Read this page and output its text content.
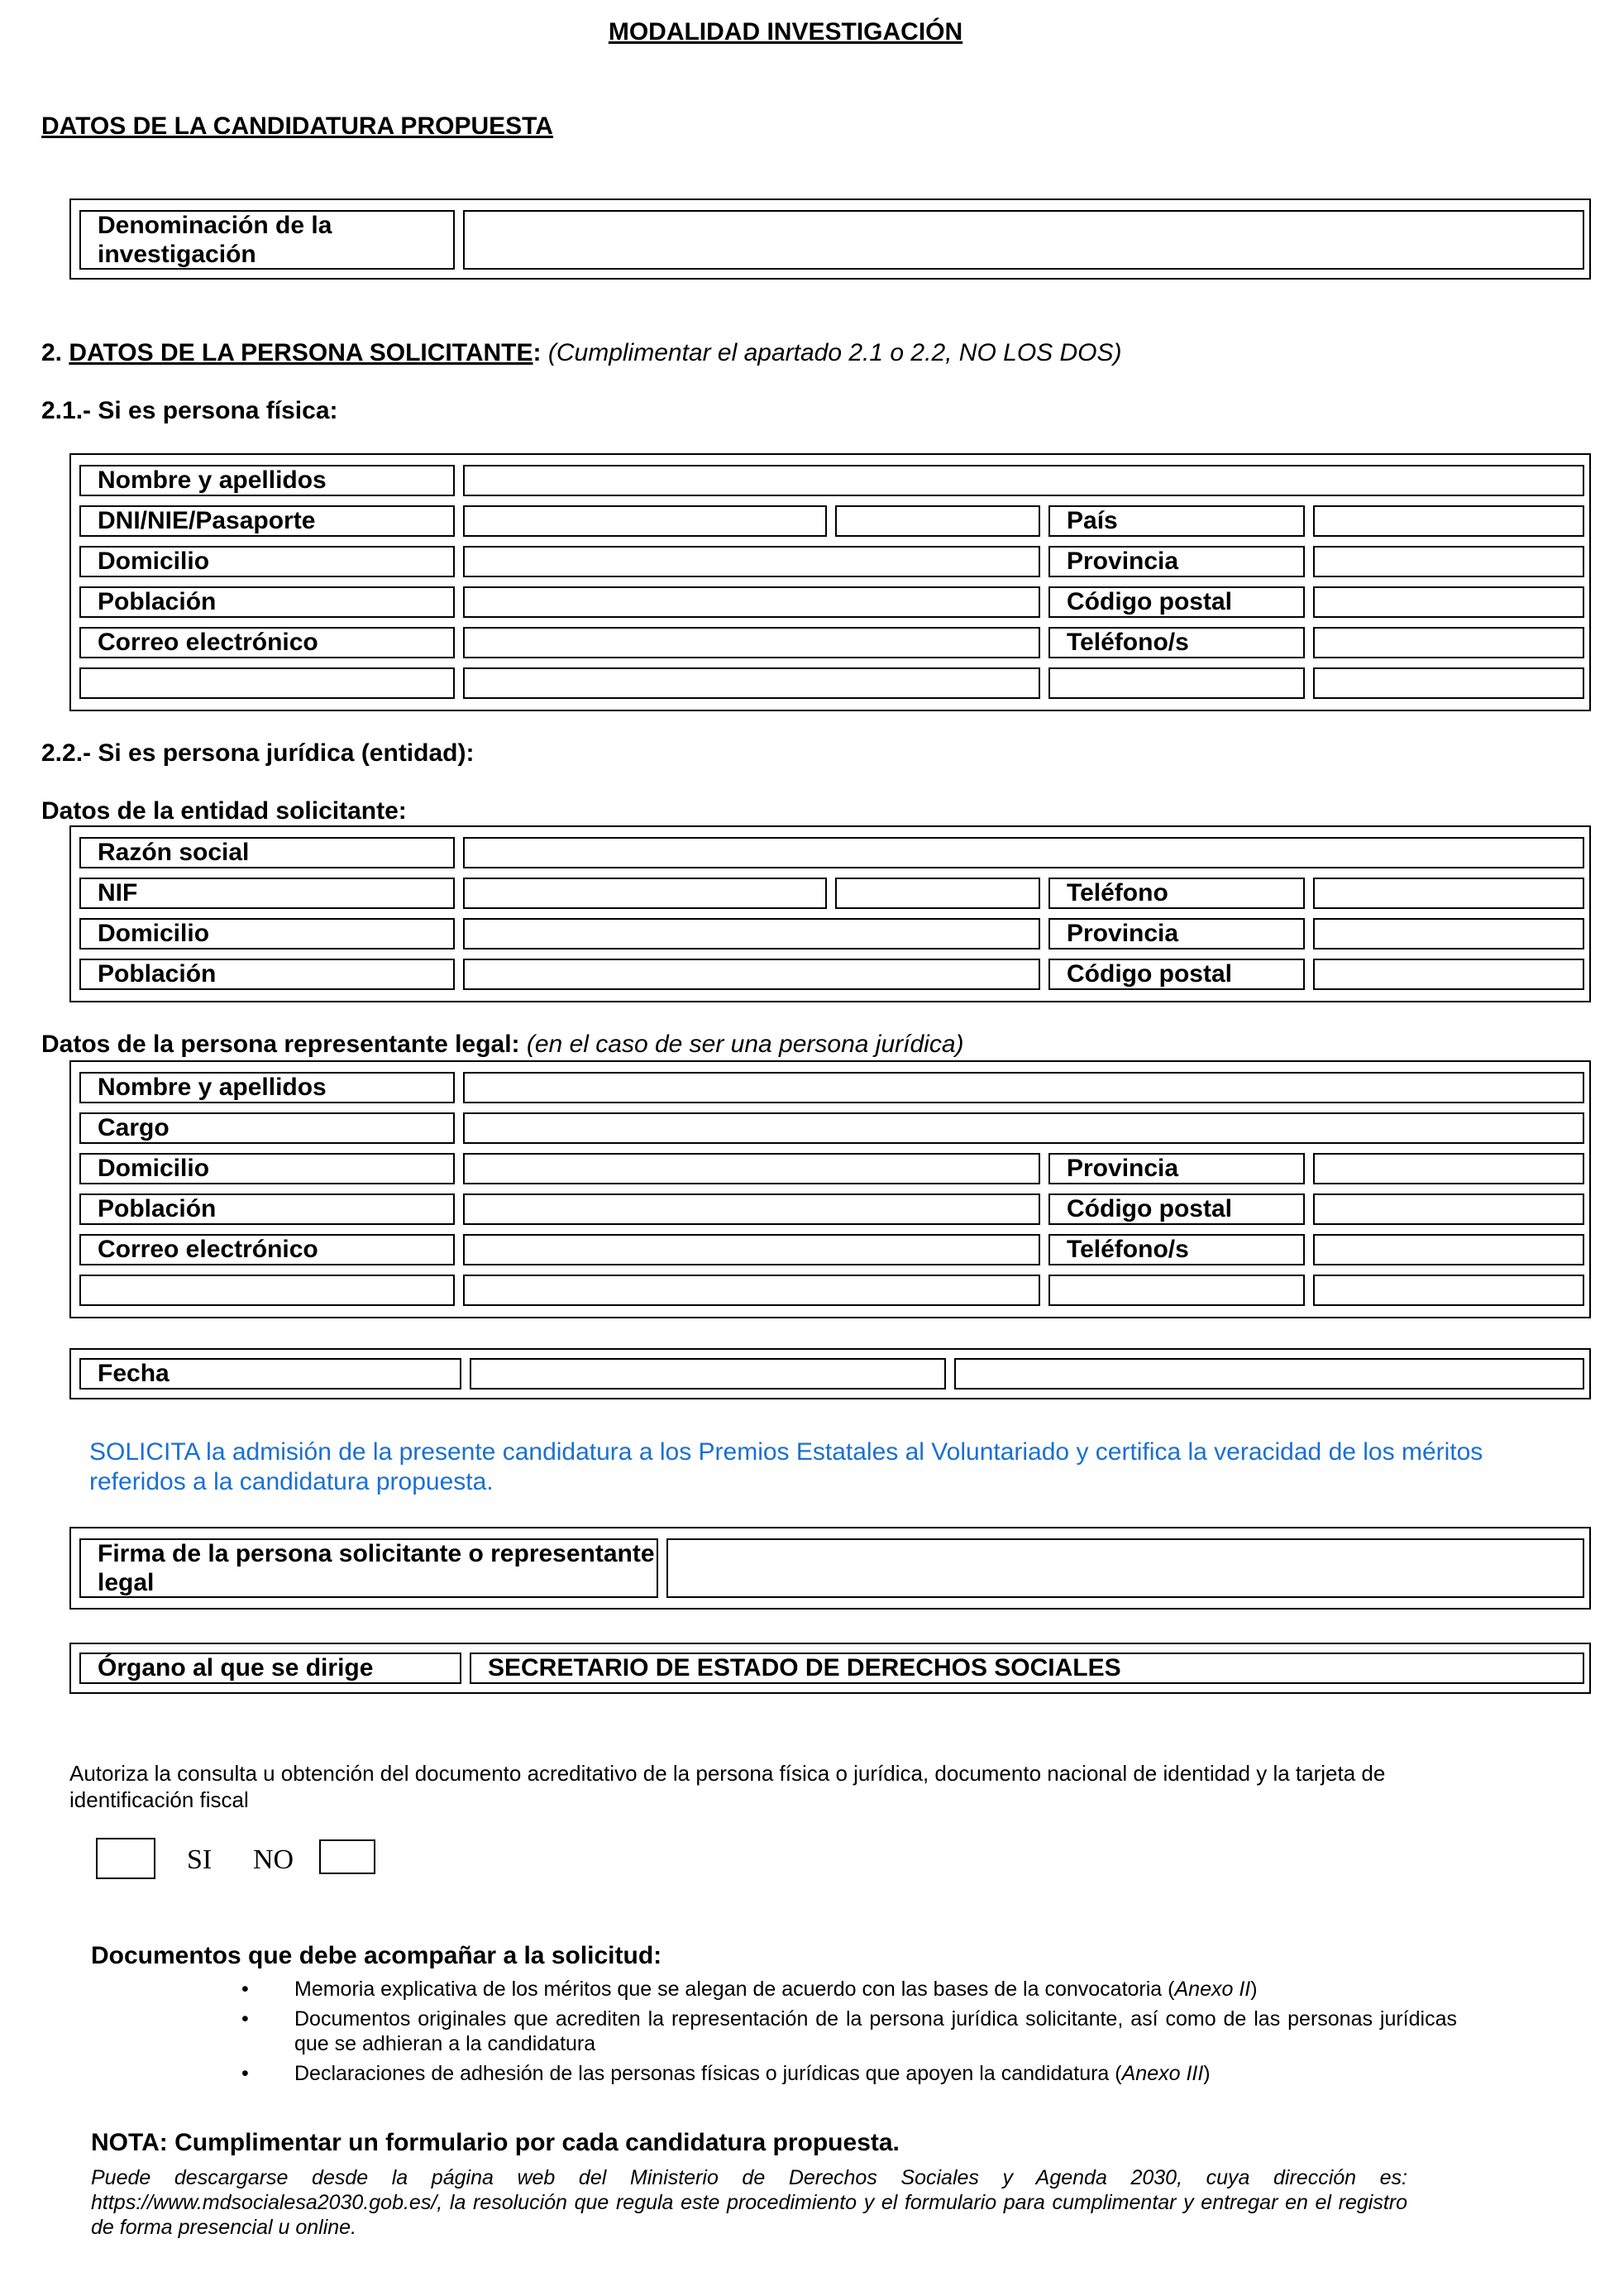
MODALIDAD INVESTIGACIÓN
DATOS DE LA CANDIDATURA PROPUESTA
Denominación de la investigación
2. DATOS DE LA PERSONA SOLICITANTE: (Cumplimentar el apartado 2.1 o 2.2, NO LOS DOS)
2.1.- Si es persona física:
Nombre y apellidos
DNI/NIE/Pasaporte	País
Domicilio	Provincia
Población	Código postal
Correo electrónico	Teléfono/s
2.2.- Si es persona jurídica (entidad):
Datos de la entidad solicitante:
Razón social
NIF	Teléfono
Domicilio	Provincia
Población	Código postal
Datos de la persona representante legal: (en el caso de ser una persona jurídica)
Nombre y apellidos
Cargo
Domicilio	Provincia
Población	Código postal
Correo electrónico	Teléfono/s
Fecha
SOLICITA la admisión de la presente candidatura a los Premios Estatales al Voluntariado y certifica la veracidad de los méritos referidos a la candidatura propuesta.
Firma de la persona solicitante o representante legal
Órgano al que se dirige	SECRETARIO DE ESTADO DE DERECHOS SOCIALES
Autoriza la consulta u obtención del documento acreditativo de la persona física o jurídica, documento nacional de identidad y la tarjeta de identificación fiscal
SI NO
Documentos que debe acompañar a la solicitud:
• Memoria explicativa de los méritos que se alegan de acuerdo con las bases de la convocatoria (Anexo II)
• Documentos originales que acrediten la representación de la persona jurídica solicitante, así como de las personas jurídicas que se adhieran a la candidatura
• Declaraciones de adhesión de las personas físicas o jurídicas que apoyen la candidatura (Anexo III)
NOTA: Cumplimentar un formulario por cada candidatura propuesta.
Puede descargarse desde la página web del Ministerio de Derechos Sociales y Agenda 2030, cuya dirección es: https://www.mdsocialesa2030.gob.es/, la resolución que regula este procedimiento y el formulario para cumplimentar y entregar en el registro de forma presencial u online.
